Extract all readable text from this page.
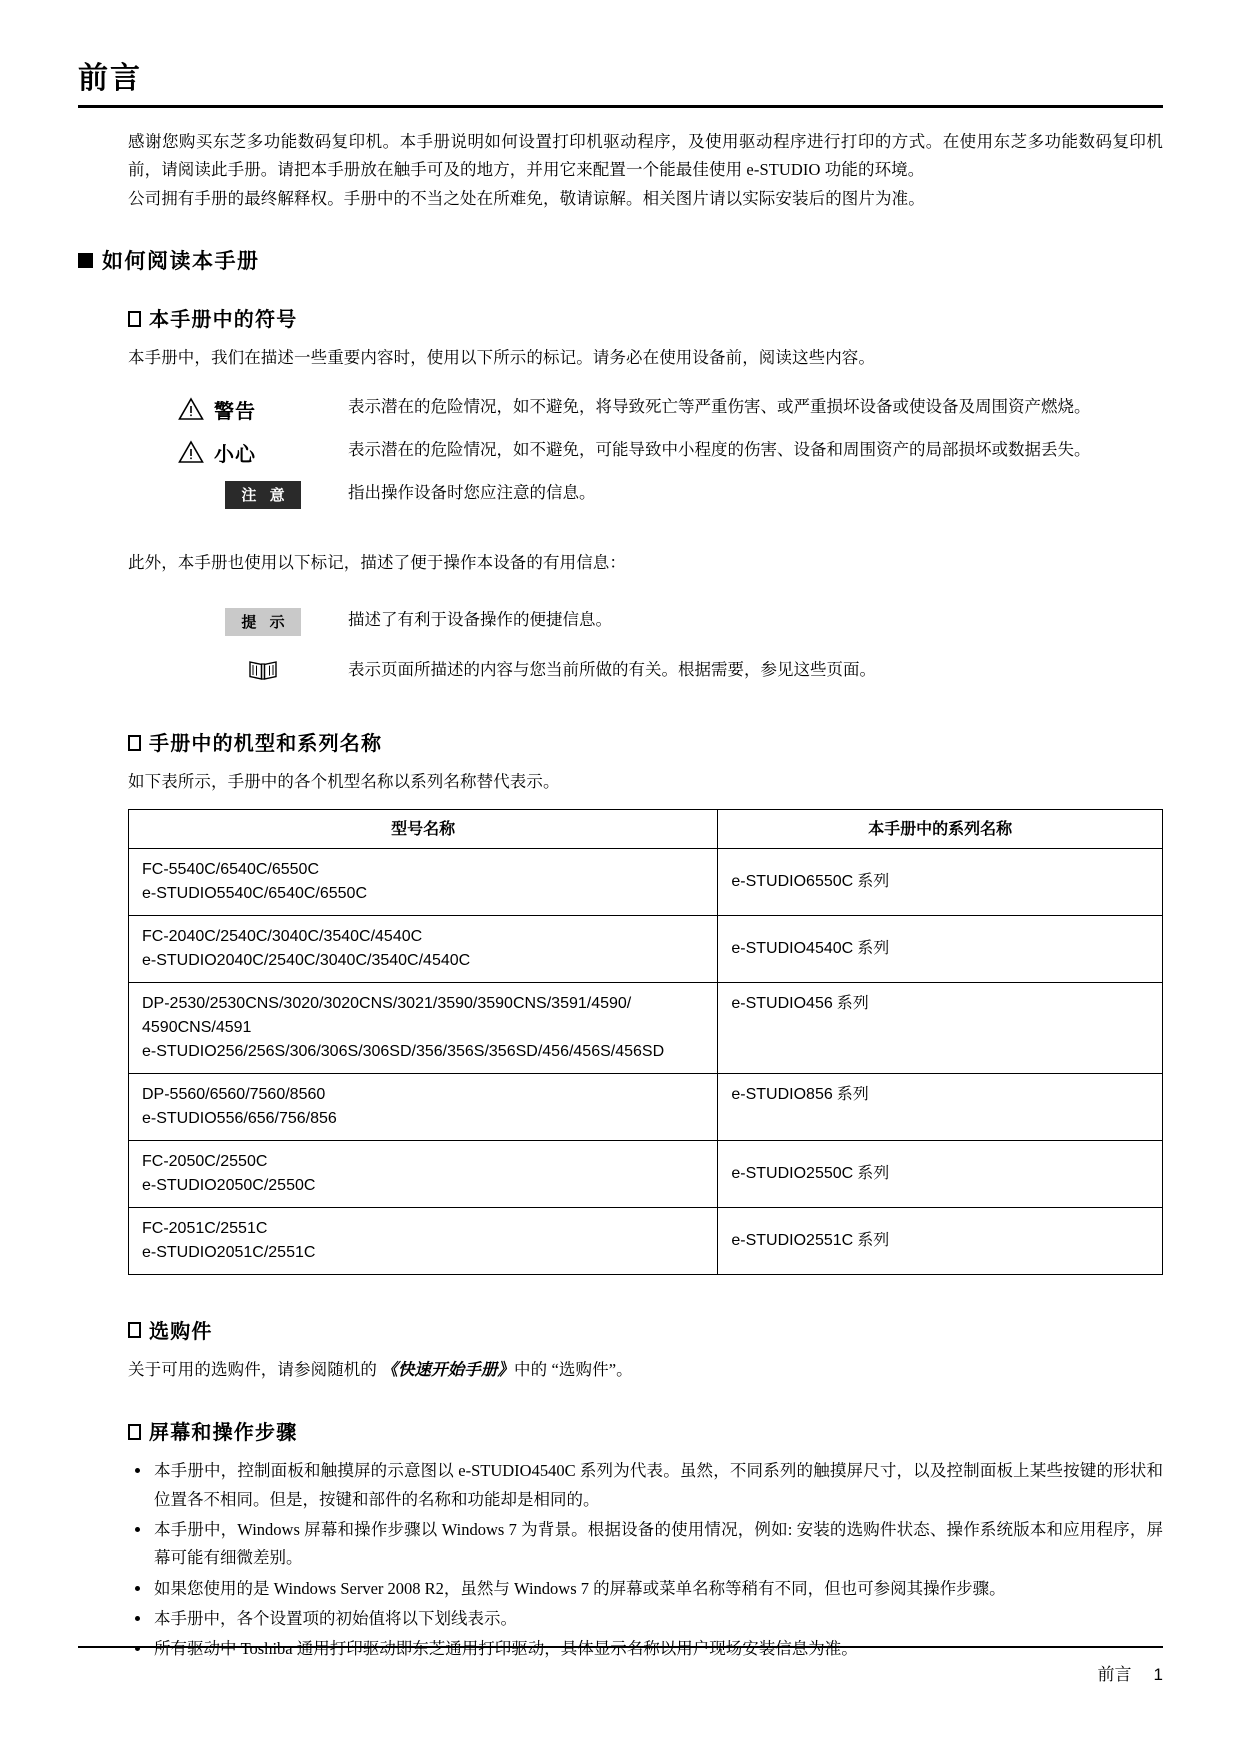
前言

感谢您购买东芝多功能数码复印机。本手册说明如何设置打印机驱动程序，及使用驱动程序进行打印的方式。在使用东芝多功能数码复印机前，请阅读此手册。请把本手册放在触手可及的地方，并用它来配置一个能最佳使用 e-STUDIO 功能的环境。

公司拥有手册的最终解释权。手册中的不当之处在所难免，敬请谅解。相关图片请以实际安装后的图片为准。

如何阅读本手册
本手册中的符号

本手册中，我们在描述一些重要内容时，使用以下所示的标记。请务必在使用设备前，阅读这些内容。

警告	表示潜在的危险情况，如不避免，将导致死亡等严重伤害、或严重损坏设备或使设备及周围资产燃烧。
小心	表示潜在的危险情况，如不避免，可能导致中小程度的伤害、设备和周围资产的局部损坏或数据丢失。
注 意	指出操作设备时您应注意的信息。

此外，本手册也使用以下标记，描述了便于操作本设备的有用信息：

提 示	描述了有利于设备操作的便捷信息。
表示页面所描述的内容与您当前所做的有关。根据需要，参见这些页面。
手册中的机型和系列名称

如下表所示，手册中的各个机型名称以系列名称替代表示。

型号名称	本手册中的系列名称

FC-5540C/6540C/6550C
e-STUDIO5540C/6540C/6550C	e-STUDIO6550C 系列

FC-2040C/2540C/3040C/3540C/4540C
e-STUDIO2040C/2540C/3040C/3540C/4540C	e-STUDIO4540C 系列

DP-2530/2530CNS/3020/3020CNS/3021/3590/3590CNS/3591/4590/
4590CNS/4591
e-STUDIO256/256S/306/306S/306SD/356/356S/356SD/456/456S/456SD	e-STUDIO456 系列

DP-5560/6560/7560/8560
e-STUDIO556/656/756/856	e-STUDIO856 系列

FC-2050C/2550C
e-STUDIO2050C/2550C	e-STUDIO2550C 系列

FC-2051C/2551C
e-STUDIO2051C/2551C	e-STUDIO2551C 系列
选购件

关于可用的选购件，请参阅随机的 《快速开始手册》中的 “选购件”。

屏幕和操作步骤
本手册中，控制面板和触摸屏的示意图以 e-STUDIO4540C 系列为代表。虽然，不同系列的触摸屏尺寸，以及控制面板上某些按键的形状和位置各不相同。但是，按键和部件的名称和功能却是相同的。
本手册中，Windows 屏幕和操作步骤以 Windows 7 为背景。根据设备的使用情况，例如: 安装的选购件状态、操作系统版本和应用程序，屏幕可能有细微差别。
如果您使用的是 Windows Server 2008 R2，虽然与 Windows 7 的屏幕或菜单名称等稍有不同，但也可参阅其操作步骤。
本手册中，各个设置项的初始值将以下划线表示。
所有驱动中 Toshiba 通用打印驱动即东芝通用打印驱动，具体显示名称以用户现场安装信息为准。
前言 1
